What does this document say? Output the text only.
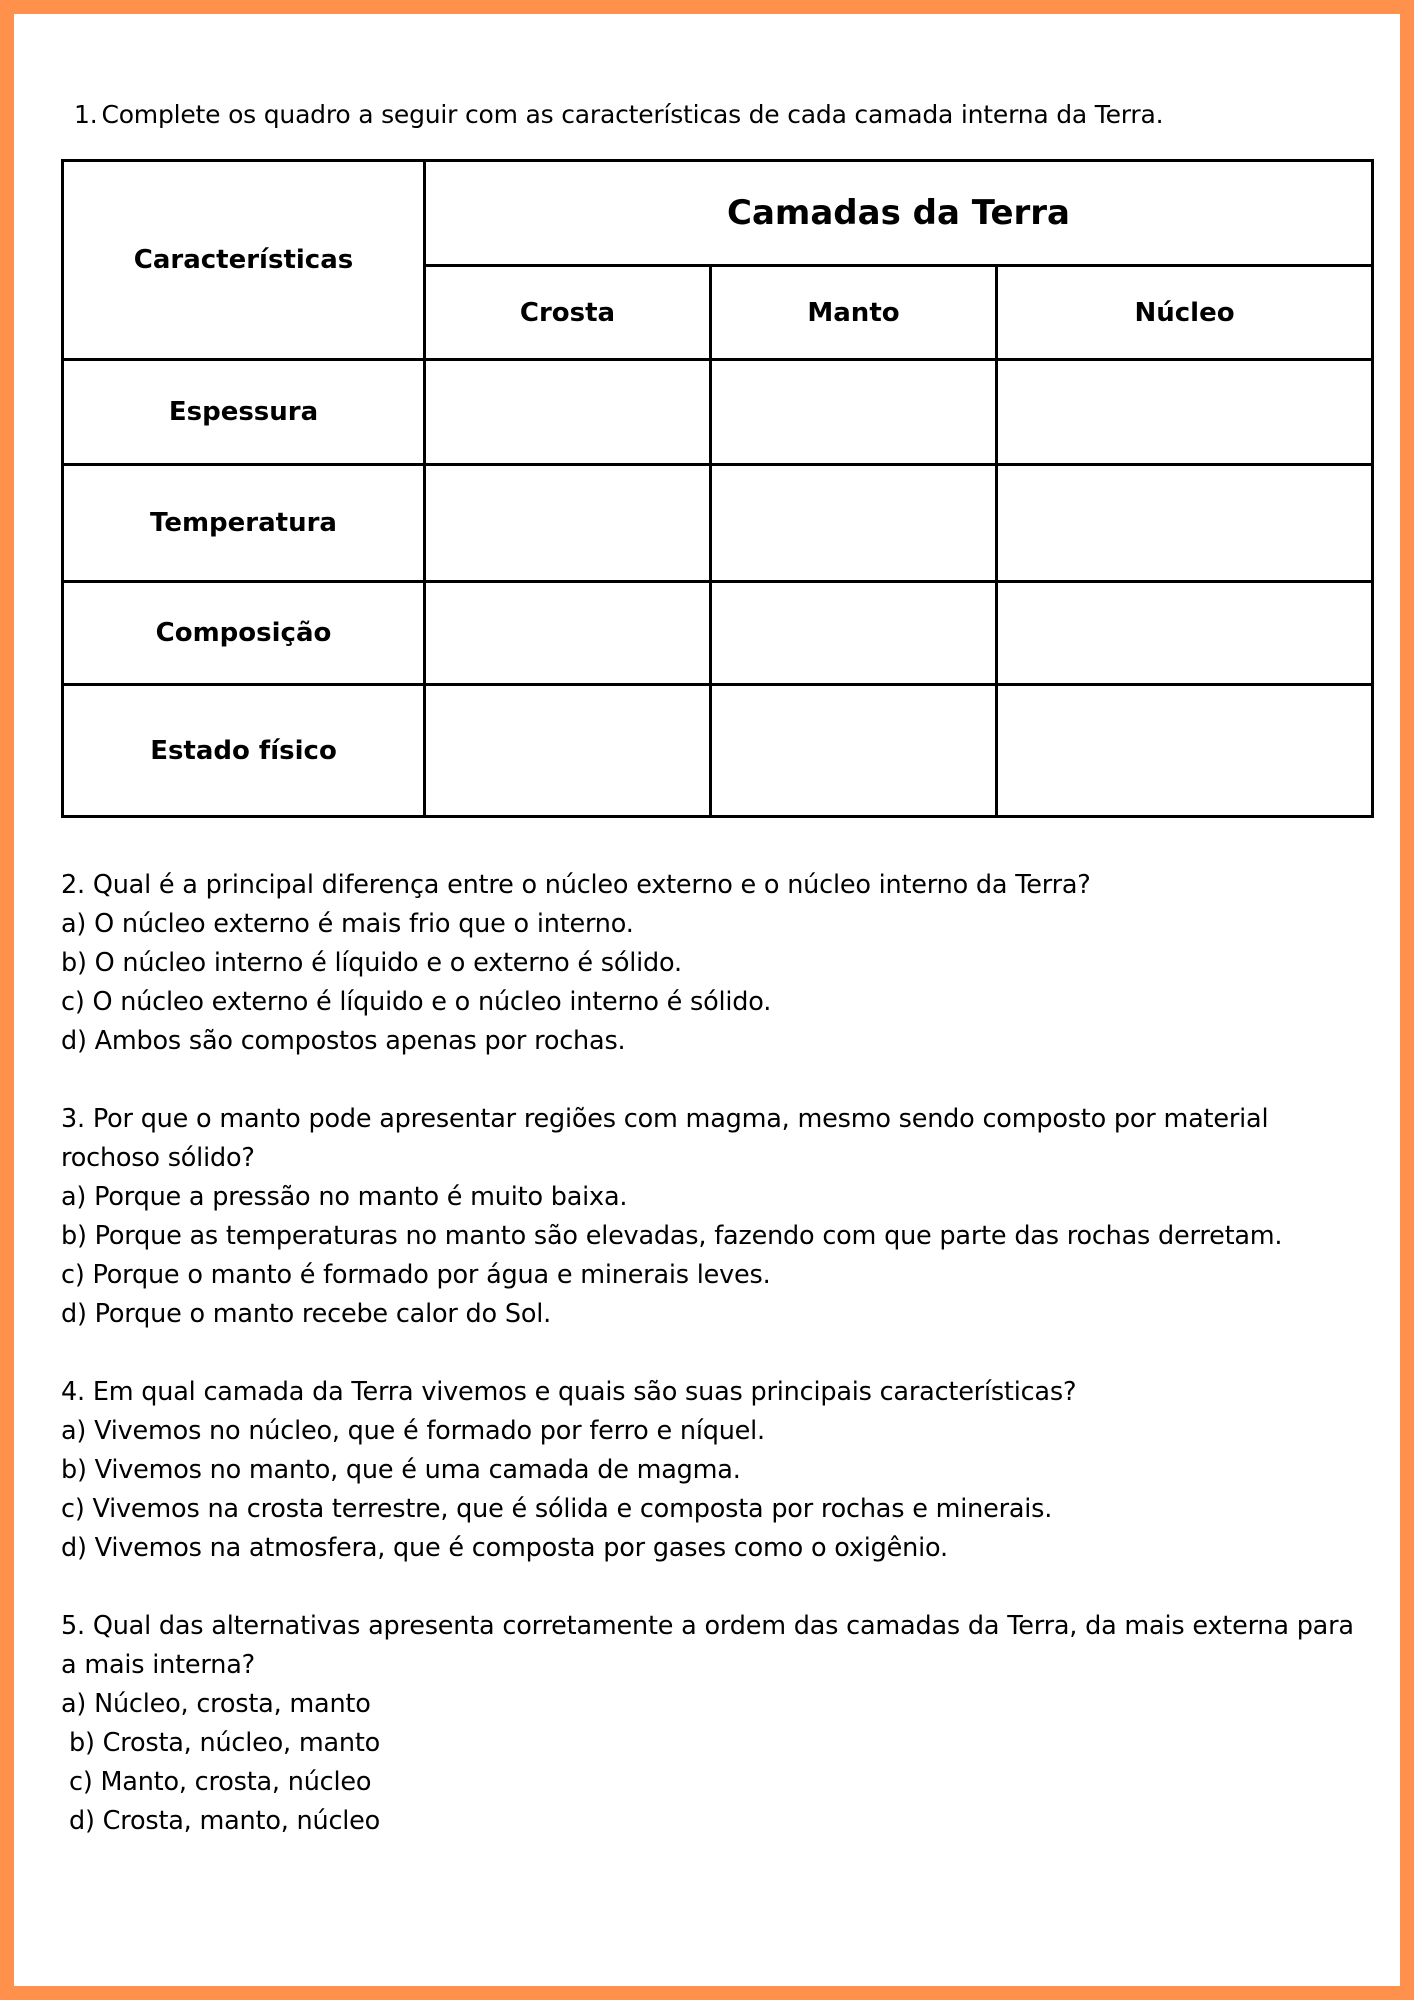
1. Complete os quadro a seguir com as características de cada camada interna da Terra.
Características	Camadas da Terra		
	Crosta	Manto	Núcleo
Espessura			
Temperatura			
Composição			
Estado físico			
2. Qual é a principal diferença entre o núcleo externo e o núcleo interno da Terra?
a) O núcleo externo é mais frio que o interno.
b) O núcleo interno é líquido e o externo é sólido.
c) O núcleo externo é líquido e o núcleo interno é sólido.
d) Ambos são compostos apenas por rochas.
3. Por que o manto pode apresentar regiões com magma, mesmo sendo composto por material rochoso sólido?
a) Porque a pressão no manto é muito baixa.
b) Porque as temperaturas no manto são elevadas, fazendo com que parte das rochas derretam.
c) Porque o manto é formado por água e minerais leves.
d) Porque o manto recebe calor do Sol.
4. Em qual camada da Terra vivemos e quais são suas principais características?
a) Vivemos no núcleo, que é formado por ferro e níquel.
b) Vivemos no manto, que é uma camada de magma.
c) Vivemos na crosta terrestre, que é sólida e composta por rochas e minerais.
d) Vivemos na atmosfera, que é composta por gases como o oxigênio.
5. Qual das alternativas apresenta corretamente a ordem das camadas da Terra, da mais externa para a mais interna?
a) Núcleo, crosta, manto
b) Crosta, núcleo, manto
c) Manto, crosta, núcleo
d) Crosta, manto, núcleo
